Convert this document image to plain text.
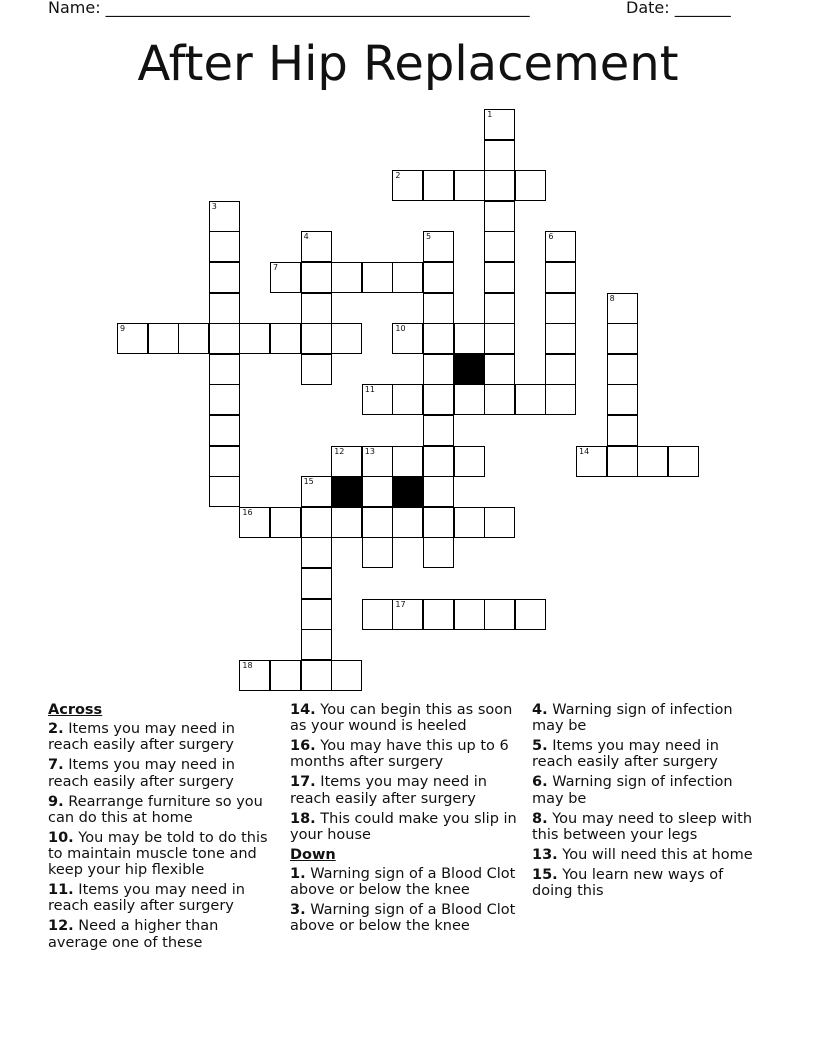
Name: _____________________________________________________	Date: _______
After Hip Replacement
1
2
3
4	5	6
7
8
9	10
11
12	13	14
15
16
17
18
Across
2. Items you may need in reach easily after surgery
7. Items you may need in reach easily after surgery
9. Rearrange furniture so you can do this at home
10. You may be told to do this to maintain muscle tone and keep your hip flexible
11. Items you may need in reach easily after surgery
12. Need a higher than average one of these
14. You can begin this as soon as your wound is heeled
16. You may have this up to 6 months after surgery
17. Items you may need in reach easily after surgery
18. This could make you slip in your house
Down
1. Warning sign of a Blood Clot above or below the knee
3. Warning sign of a Blood Clot above or below the knee
4. Warning sign of infection may be
5. Items you may need in reach easily after surgery
6. Warning sign of infection may be
8. You may need to sleep with this between your legs
13. You will need this at home
15. You learn new ways of doing this
